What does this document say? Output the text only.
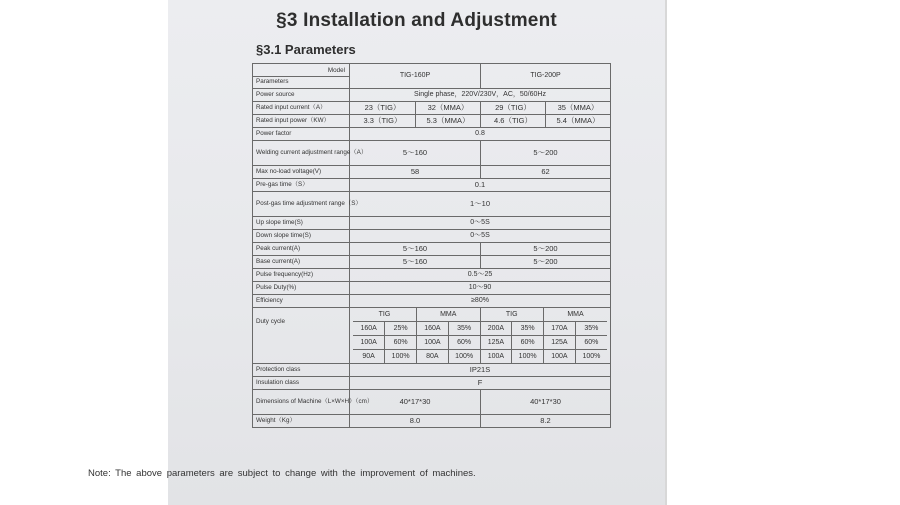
§3 Installation and Adjustment
§3.1 Parameters
Model
Parameters
	TIG-160P	TIG-200P

Power source	Single phase，220V/230V，AC，50/60Hz
Rated input current（A）	23（TIG）	32（MMA）	29（TIG）	35（MMA）
Rated input power（KW）	3.3（TIG）	5.3（MMA）	4.6（TIG）	5.4（MMA）
Power factor	0.8
Welding current adjustment range（A）	5～160	5～200
Max no-load voltage(V)	58	62
Pre-gas time（S）	0.1
Post-gas time adjustment range（S）	1～10
Up slope time(S)	0～5S
Down slope time(S)	0～5S
Peak current(A)	5～160	5～200
Base current(A)	5～160	5～200
Pulse frequency(Hz)	0.5～25
Pulse Duty(%)	10～90
Efficiency	≥80%
Duty cycle	
TIG	MMA	TIG	MMA
160A	25%	160A	35%	200A	35%	170A	35%
100A	60%	100A	60%	125A	60%	125A	60%
90A	100%	80A	100%	100A	100%	100A	100%

Protection class	IP21S
Insulation class	F
Dimensions of Machine（L×W×H）（cm）	40*17*30	40*17*30
Weight（Kg）	8.0	8.2
Note: The above parameters are subject to change with the improvement of machines.
